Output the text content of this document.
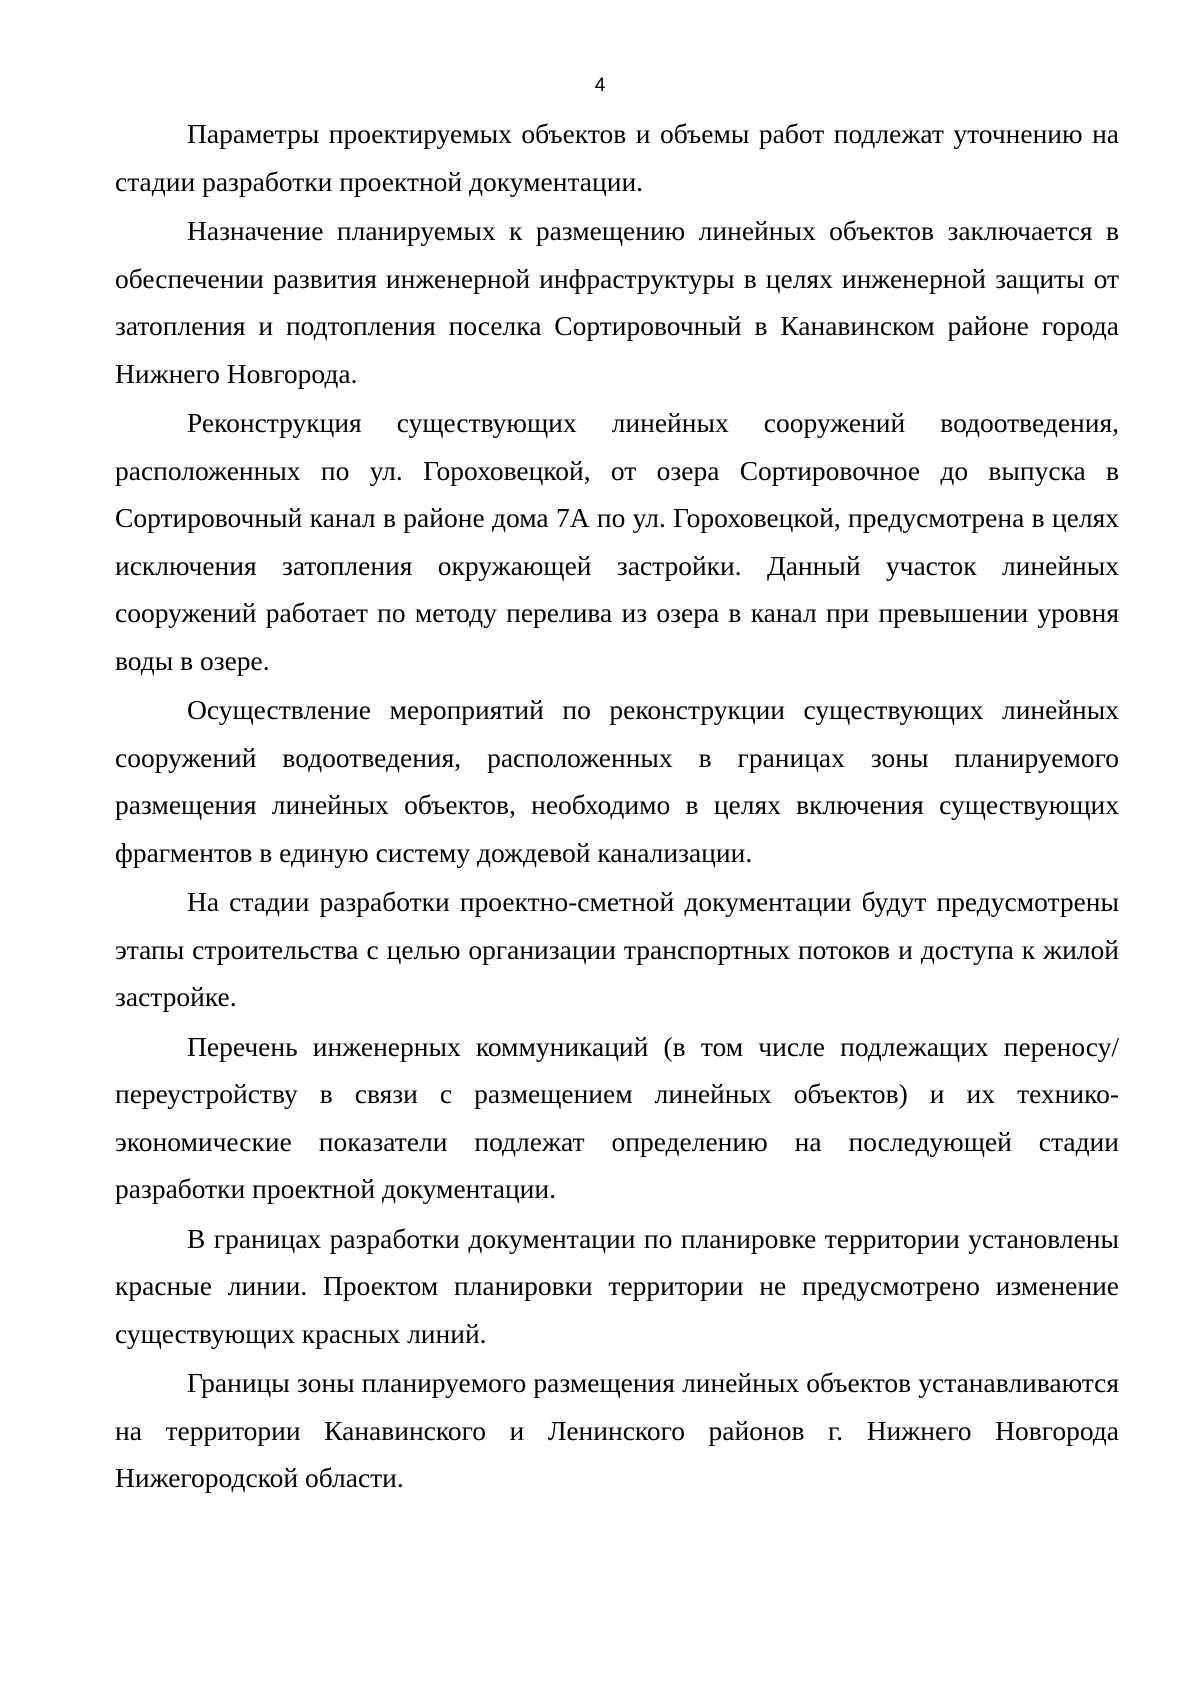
4

Параметры проектируемых объектов и объемы работ подлежат уточнению на стадии разработки проектной документации.

Назначение планируемых к размещению линейных объектов заключается в обеспечении развития инженерной инфраструктуры в целях инженерной защиты от затопления и подтопления поселка Сортировочный в Канавинском районе города Нижнего Новгорода.

Реконструкция существующих линейных сооружений водоотведения, расположенных по ул. Гороховецкой, от озера Сортировочное до выпуска в Сортировочный канал в районе дома 7А по ул. Гороховецкой, предусмотрена в целях исключения затопления окружающей застройки. Данный участок линейных сооружений работает по методу перелива из озера в канал при превышении уровня воды в озере.

Осуществление мероприятий по реконструкции существующих линейных сооружений водоотведения, расположенных в границах зоны планируемого размещения линейных объектов, необходимо в целях включения существующих фрагментов в единую систему дождевой канализации.

На стадии разработки проектно-сметной документации будут предусмотрены этапы строительства с целью организации транспортных потоков и доступа к жилой застройке.

Перечень инженерных коммуникаций (в том числе подлежащих переносу/переустройству в связи с размещением линейных объектов) и их технико-экономические показатели подлежат определению на последующей стадии разработки проектной документации.

В границах разработки документации по планировке территории установлены красные линии. Проектом планировки территории не предусмотрено изменение существующих красных линий.

Границы зоны планируемого размещения линейных объектов устанавливаются на территории Канавинского и Ленинского районов г. Нижнего Новгорода Нижегородской области.
